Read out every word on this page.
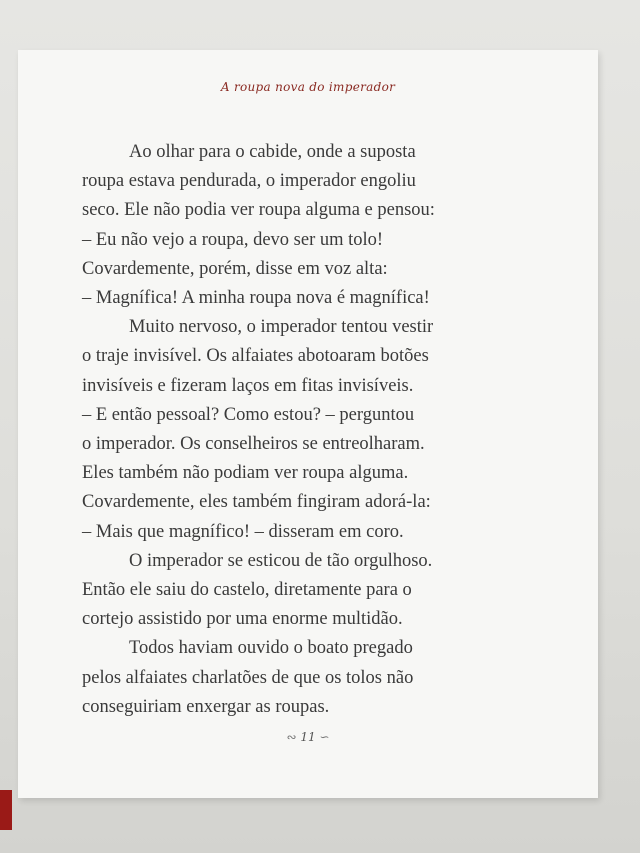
A roupa nova do imperador
Ao olhar para o cabide, onde a suposta
roupa estava pendurada, o imperador engoliu
seco. Ele não podia ver roupa alguma e pensou:
– Eu não vejo a roupa, devo ser um tolo!
Covardemente, porém, disse em voz alta:
– Magnífica! A minha roupa nova é magnífica!
Muito nervoso, o imperador tentou vestir
o traje invisível. Os alfaiates abotoaram botões
invisíveis e fizeram laços em fitas invisíveis.
– E então pessoal? Como estou? – perguntou
o imperador. Os conselheiros se entreolharam.
Eles também não podiam ver roupa alguma.
Covardemente, eles também fingiram adorá-la:
– Mais que magnífico! – disseram em coro.
O imperador se esticou de tão orgulhoso.
Então ele saiu do castelo, diretamente para o
cortejo assistido por uma enorme multidão.
Todos haviam ouvido o boato pregado
pelos alfaiates charlatões de que os tolos não
conseguiriam enxergar as roupas.
∾ 11 ∽
